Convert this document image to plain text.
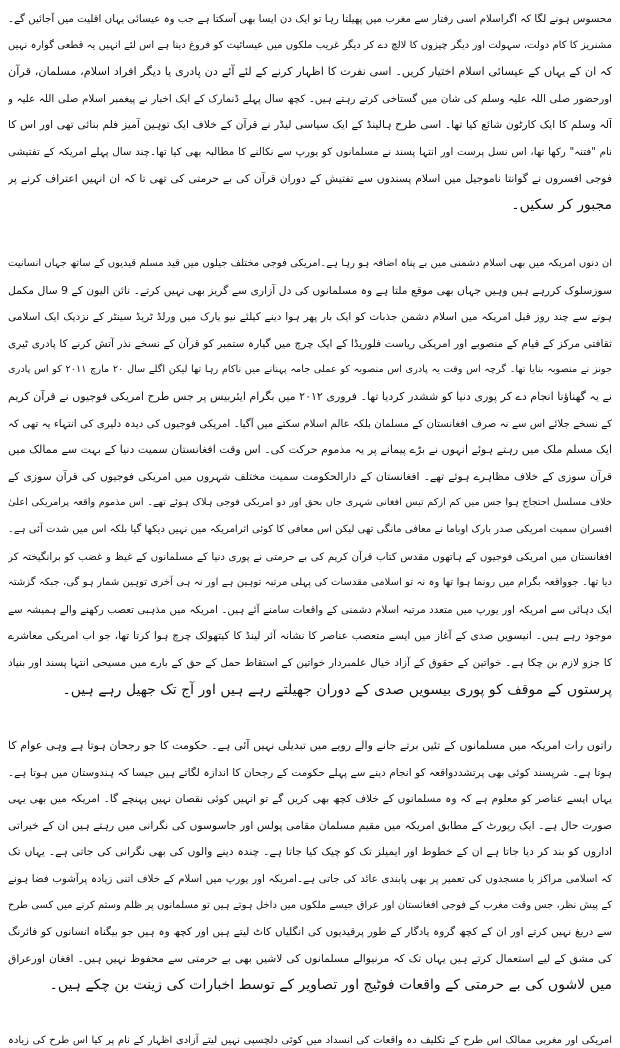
محسوس ہونے لگا کہ اگراسلام اسی رفتار سے مغرب میں پھیلتا رہا تو ایک دن ایسا بھی آسکتا ہے جب وہ عیسائی یہاں اقلیت میں آجائیں گے۔
مشنریز کا کام دولت، سہولت اور دیگر چیزوں کا لالچ دے کر دیگر غریب ملکوں میں عیسائیت کو فروغ دینا ہے اس لئے انہیں یہ قطعی گوارہ نہیں
کہ ان کے یہاں کے عیسائی اسلام اختیار کریں۔ اسی نفرت کا اظہار کرنے کے لئے آئے دن پادری یا دیگر افراد اسلام، مسلمان، قرآن
اورحضور صلی اللہ علیہ وسلم کی شان میں گستاخی کرتے رہتے ہیں۔ کچھ سال پہلے ڈنمارک کے ایک اخبار نے پیغمبر اسلام صلی اللہ علیہ و
آلہ وسلم کا ایک کارٹون شائع کیا تھا۔ اسی طرح ہالینڈ کے ایک سیاسی لیڈر نے قرآن کے خلاف ایک توہین آمیز فلم بنائی تھی اور اس کا
نام "فتنہ" رکھا تھا، اس نسل پرست اور انتہا پسند نے مسلمانوں کو یورپ سے نکالنے کا مطالبہ بھی کیا تھا۔چند سال پہلے امریکہ کے تفتیشی
فوجی افسروں نے گوانتا ناموجیل میں اسلام پسندوں سے تفتیش کے دوران قرآن کی بے حرمتی کی تھی تا کہ ان انہیں اعتراف کرنے پر
مجبور کر سکیں۔
ان دنوں امریکہ میں بھی اسلام دشمنی میں بے پناہ اضافہ ہو رہا ہے۔امریکی فوجی مختلف جیلوں میں قید مسلم قیدیوں کے ساتھ جہاں انسانیت
سوزسلوک کررہے ہیں وہیں جہاں بھی موقع ملتا ہے وہ مسلمانوں کی دل آزاری سے گریز بھی نہیں کرتے۔ نائن الیون کے 9 سال مکمل
ہونے سے چند روز قبل امریکہ میں اسلام دشمن جذبات کو ایک بار پھر ہوا دینے کیلئے نیو یارک میں ورلڈ ٹریڈ سینٹر کے نزدیک ایک اسلامی
ثقافتی مرکز کے قیام کے منصوبے اور امریکی ریاست فلوریڈا کے ایک چرچ میں گیارہ ستمبر کو قرآن کے نسخے نذر آتش کرنے کا پادری ٹیری
جونز نے منصوبہ بنایا تھا۔ گرچہ اس وقت یہ پادری اس منصوبہ کو عملی جامہ پہنانے میں ناکام رہا تھا لیکن اگلے سال ۲۰ مارچ ۲۰۱۱ کو اس پادری
نے یہ گھناؤنا انجام دے کر پوری دنیا کو ششدر کردیا تھا۔ فروری ۲۰۱۲ میں بگرام ایئربیس پر جس طرح امریکی فوجیوں نے قرآن کریم
کے نسخے جلائے اس سے نہ صرف افغانستان کے مسلمان بلکہ عالم اسلام سکتے میں آگیا۔ امریکی فوجیوں کی دیدہ دلیری کی انتہاء یہ تھی کہ
ایک مسلم ملک میں رہتے ہوئے انہوں نے بڑے پیمانے پر یہ مذموم حرکت کی۔ اس وقت افغانستان سمیت دنیا کے بہت سے ممالک میں
قرآن سوزی کے خلاف مظاہرے ہوئے تھے۔ افغانستان کے دارالحکومت سمیت مختلف شہروں میں امریکی فوجیوں کی قرآن سوزی کے
خلاف مسلسل احتجاج ہوا جس میں کم ازکم تیس افغانی شہری جاں بحق اور دو امریکی فوجی ہلاک ہوئے تھے۔ اس مذموم واقعہ پرامریکی اعلیٰ
افسران سمیت امریکی صدر بارک اوباما نے معافی مانگی تھی لیکن اس معافی کا کوئی اثرامریکہ میں نہیں دیکھا گیا بلکہ اس میں شدت آئی ہے۔
افغانستان میں امریکی فوجیوں کے ہاتھوں مقدس کتاب قرآن کریم کی بے حرمتی نے پوری دنیا کے مسلمانوں کے غیظ و غضب کو برانگیختہ کر
دیا تھا۔ جوواقعہ بگرام میں رونما ہوا تھا وہ نہ تو اسلامی مقدسات کی پہلی مرتبہ توہین ہے اور نہ ہی آخری توہین شمار ہو گی، جبکہ گزشتہ
ایک دہائی سے امریکہ اور یورپ میں متعدد مرتبہ اسلام دشمنی کے واقعات سامنے آئے ہیں۔ امریکہ میں مذہبی تعصب رکھنے والے ہمیشہ سے
موجود رہے ہیں۔ انیسویں صدی کے آغاز میں ایسے متعصب عناصر کا نشانہ آئر لینڈ کا کیتھولک چرچ ہوا کرتا تھا، جو اب امریکی معاشرے
کا جزو لازم بن چکا ہے۔ خواتین کے حقوق کے آزاد خیال علمبردار خواتین کے استقاط حمل کے حق کے بارے میں مسیحی انتہا پسند اور بنیاد
پرستوں کے موقف کو پوری بیسویں صدی کے دوران جھیلتے رہے ہیں اور آج تک جھیل رہے ہیں۔
راتوں رات امریکہ میں مسلمانوں کے تئیں برتے جانے والے رویے میں تبدیلی نہیں آئی ہے۔ حکومت کا جو رجحان ہوتا ہے وہی عوام کا
ہوتا ہے۔ شرپسند کوئی بھی پرتشددواقعہ کو انجام دینے سے پہلے حکومت کے رجحان کا اندازہ لگاتے ہیں جیسا کہ ہندوستان میں ہوتا ہے۔
یہاں ایسے عناصر کو معلوم ہے کہ وہ مسلمانوں کے خلاف کچھ بھی کریں گے تو انہیں کوئی نقصان نہیں پہنچے گا۔ امریکہ میں بھی یہی
صورت حال ہے۔ ایک رپورٹ کے مطابق امریکہ میں مقیم مسلمان مقامی پولس اور جاسوسوں کی نگرانی میں رہتے ہیں ان کے خیراتی
اداروں کو بند کر دیا جاتا ہے ان کے خطوط اور ایمیلز تک کو چیک کیا جاتا ہے۔ چندہ دینے والوں کی بھی نگرانی کی جاتی ہے۔ یہاں تک
کہ اسلامی مراکز یا مسجدوں کی تعمیر پر بھی پابندی عائد کی جاتی ہے۔امریکہ اور یورپ میں اسلام کے خلاف اتنی زیادہ پرآشوب فضا ہونے
کے پیش نظر، جس وقت مغرب کے فوجی افغانستان اور عراق جیسے ملکوں میں داخل ہوتے ہیں تو مسلمانوں پر ظلم وستم کرنے میں کسی طرح
سے دریغ نہیں کرتے اور ان کے کچھ گروہ یادگار کے طور پرقیدیوں کی انگلیاں کاٹ لیتے ہیں اور کچھ وہ ہیں جو بیگناہ انسانوں کو فائرنگ
کی مشق کے لیے استعمال کرتے ہیں یہاں تک کہ مرنیوالے مسلمانوں کی لاشیں بھی بے حرمتی سے محفوظ نہیں ہیں۔ افغان اورعراق
میں لاشوں کی بے حرمتی کے واقعات فوٹیج اور تصاویر کے توسط اخبارات کی زینت بن چکے ہیں۔
امریکی اور مغربی ممالک اس طرح کے تکلیف دہ واقعات کی انسداد میں کوئی دلچسپی نہیں لیتے آزادی اظہار کے نام پر کیا اس طرح کی زیادہ
